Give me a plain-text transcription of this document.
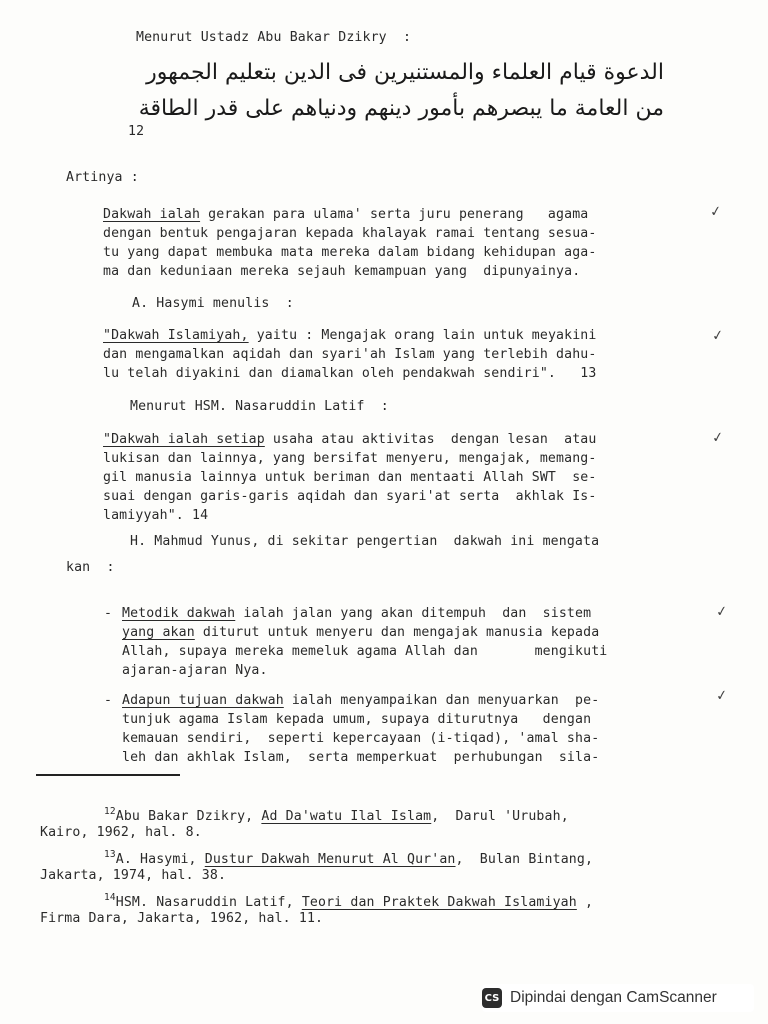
Menurut Ustadz Abu Bakar Dzikry  :
الدعوة قيام العلماء والمستنيرين فى الدين بتعليم الجمهور
من العامة ما يبصرهم بأمور دينهم ودنياهم على قدر الطاقة
12
Artinya :
Dakwah ialah gerakan para ulama' serta juru penerang   agama
dengan bentuk pengajaran kepada khalayak ramai tentang sesua-
tu yang dapat membuka mata mereka dalam bidang kehidupan aga-
ma dan keduniaan mereka sejauh kemampuan yang  dipunyainya.
A. Hasymi menulis  :
"Dakwah Islamiyah, yaitu : Mengajak orang lain untuk meyakini
dan mengamalkan aqidah dan syari'ah Islam yang terlebih dahu-
lu telah diyakini dan diamalkan oleh pendakwah sendiri".   13
Menurut HSM. Nasaruddin Latif  :
"Dakwah ialah setiap usaha atau aktivitas  dengan lesan  atau
lukisan dan lainnya, yang bersifat menyeru, mengajak, memang-
gil manusia lainnya untuk beriman dan mentaati Allah SWT  se-
suai dengan garis-garis aqidah dan syari'at serta  akhlak Is-
lamiyyah". 14
H. Mahmud Yunus, di sekitar pengertian  dakwah ini mengata
kan  :
- Metodik dakwah ialah jalan yang akan ditempuh  dan  sistem
yang akan diturut untuk menyeru dan mengajak manusia kepada
Allah, supaya mereka memeluk agama Allah dan       mengikuti
ajaran-ajaran Nya.
- Adapun tujuan dakwah ialah menyampaikan dan menyuarkan  pe-
tunjuk agama Islam kepada umum, supaya diturutnya   dengan
kemauan sendiri,  seperti kepercayaan (i-tiqad), 'amal sha-
leh dan akhlak Islam,  serta memperkuat  perhubungan  sila-
✓
✓
✓
✓
✓
$^{12}$Abu Bakar Dzikry, Ad Da'watu Ilal Islam,  Darul 'Urubah,
Kairo, 1962, hal. 8.
$^{13}$A. Hasymi, Dustur Dakwah Menurut Al Qur'an,  Bulan Bintang,
Jakarta, 1974, hal. 38.
$^{14}$HSM. Nasaruddin Latif, Teori dan Praktek Dakwah Islamiyah ,
Firma Dara, Jakarta, 1962, hal. 11.
CS Dipindai dengan CamScanner
